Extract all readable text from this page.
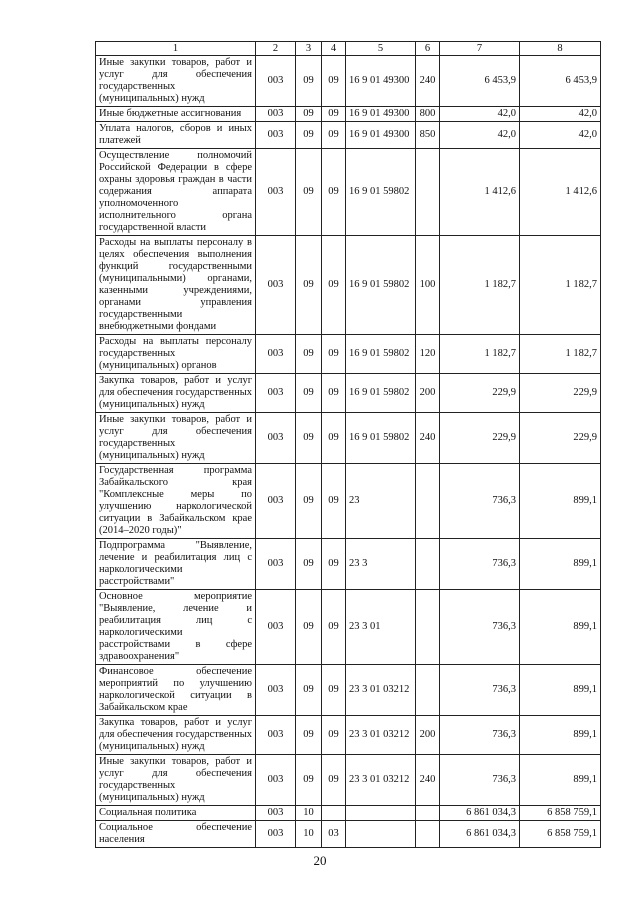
1	2	3	4	5	6	7	8
Иные закупки товаров, работ и услуг для обеспечения государственных (муниципальных) нужд	003	09	09	16 9 01 49300	240	6 453,9	6 453,9
Иные бюджетные ассигнования	003	09	09	16 9 01 49300	800	42,0	42,0
Уплата налогов, сборов и иных платежей	003	09	09	16 9 01 49300	850	42,0	42,0
Осуществление полномочий Российской Федерации в сфере охраны здоровья граждан в части содержания аппарата уполномоченного исполнительного органа государственной власти	003	09	09	16 9 01 59802		1 412,6	1 412,6
Расходы на выплаты персоналу в целях обеспечения выполнения функций государственными (муниципальными) органами, казенными учреждениями, органами управления государственными внебюджетными фондами	003	09	09	16 9 01 59802	100	1 182,7	1 182,7
Расходы на выплаты персоналу государственных (муниципальных) органов	003	09	09	16 9 01 59802	120	1 182,7	1 182,7
Закупка товаров, работ и услуг для обеспечения государственных (муниципальных) нужд	003	09	09	16 9 01 59802	200	229,9	229,9
Иные закупки товаров, работ и услуг для обеспечения государственных (муниципальных) нужд	003	09	09	16 9 01 59802	240	229,9	229,9
Государственная программа Забайкальского края "Комплексные меры по улучшению наркологической ситуации в Забайкальском крае (2014–2020 годы)"	003	09	09	23		736,3	899,1
Подпрограмма "Выявление, лечение и реабилитация лиц с наркологическими расстройствами"	003	09	09	23 3		736,3	899,1
Основное мероприятие "Выявление, лечение и реабилитация лиц с наркологическими расстройствами в сфере здравоохранения"	003	09	09	23 3 01		736,3	899,1
Финансовое обеспечение мероприятий по улучшению наркологической ситуации в Забайкальском крае	003	09	09	23 3 01 03212		736,3	899,1
Закупка товаров, работ и услуг для обеспечения государственных (муниципальных) нужд	003	09	09	23 3 01 03212	200	736,3	899,1
Иные закупки товаров, работ и услуг для обеспечения государственных (муниципальных) нужд	003	09	09	23 3 01 03212	240	736,3	899,1
Социальная политика	003	10				6 861 034,3	6 858 759,1
Социальное обеспечение населения	003	10	03			6 861 034,3	6 858 759,1
20
